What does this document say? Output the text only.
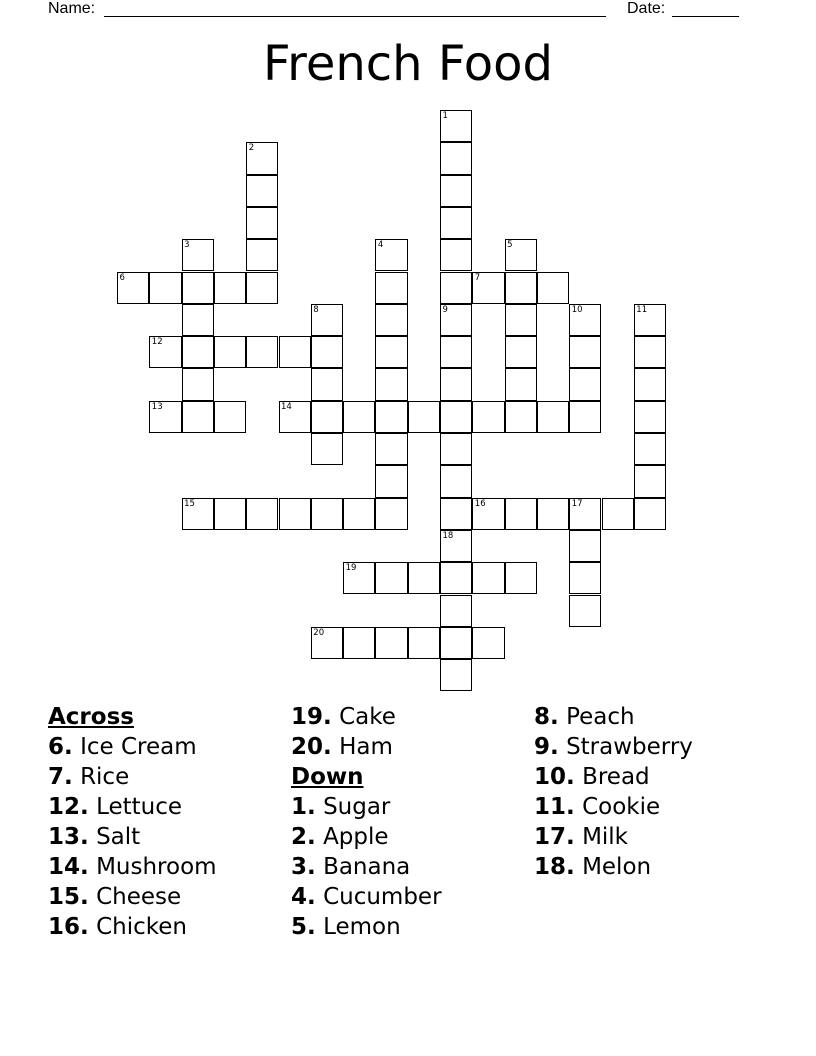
Name:	Date:
French Food
1
2
3	4	5
6	7
8	9
18
10	11
12
13	14
15	16	17
19
20
Across
6. Ice Cream
7. Rice
12. Lettuce
13. Salt
14. Mushroom
15. Cheese
16. Chicken
19. Cake
20. Ham
Down
1. Sugar
2. Apple
3. Banana
4. Cucumber
5. Lemon
8. Peach
9. Strawberry
10. Bread
11. Cookie
17. Milk
18. Melon
